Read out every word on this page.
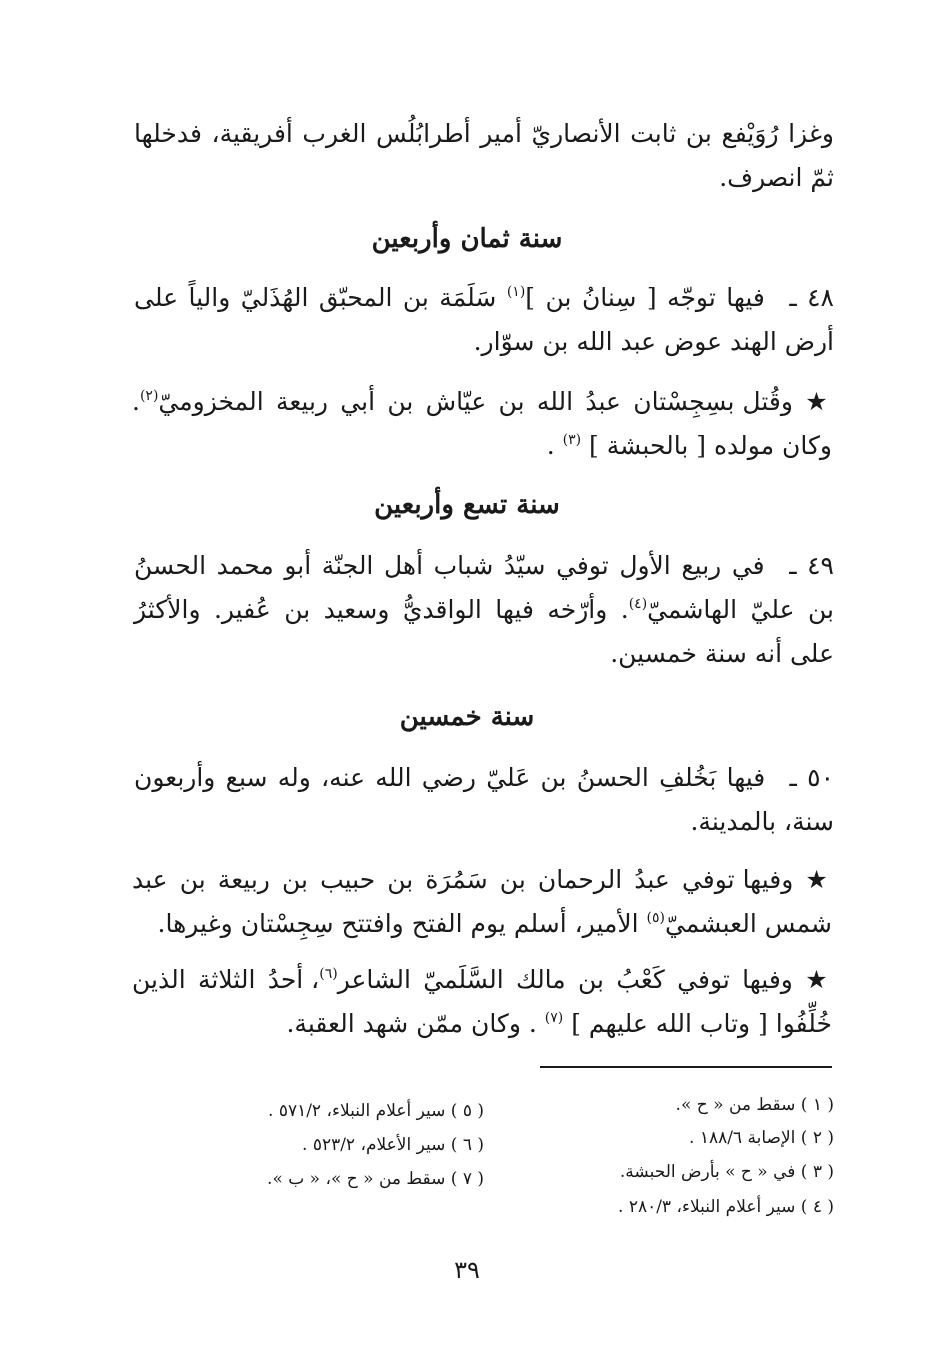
وغزا رُوَيْفع بن ثابت الأنصاريّ أمير أطرابُلُس الغرب أفريقية، فدخلها ثمّ انصرف.
سنة ثمان وأربعين
٤٨ ـ فيها توجّه [ سِنانُ بن ]$^{(١)}$ سَلَمَة بن المحبّق الهُذَليّ والياً على أرض الهند عوض عبد الله بن سوّار.
★ وقُتل بسِجِسْتان عبدُ الله بن عيّاش بن أبي ربيعة المخزوميّ$^{(٢)}$. وكان مولده [ بالحبشة ] $^{(٣)}$ .
سنة تسع وأربعين
٤٩ ـ في ربيع الأول توفي سيّدُ شباب أهل الجنّة أبو محمد الحسنُ بن عليّ الهاشميّ$^{(٤)}$. وأرّخه فيها الواقديُّ وسعيد بن عُفير. والأكثرُ على أنه سنة خمسين.
سنة خمسين
٥٠ ـ فيها بَخُلفِ الحسنُ بن عَليّ رضي الله عنه، وله سبع وأربعون سنة، بالمدينة.
★ وفيها توفي عبدُ الرحمان بن سَمُرَة بن حبيب بن ربيعة بن عبد شمس العبشميّ$^{(٥)}$ الأمير، أسلم يوم الفتح وافتتح سِجِسْتان وغيرها.
★ وفيها توفي كَعْبُ بن مالك السَّلَميّ الشاعر$^{(٦)}$، أحدُ الثلاثة الذين خُلِّفُوا [ وتاب الله عليهم ] $^{(٧)}$ . وكان ممّن شهد العقبة.
( ١ ) سقط من « ح ».
( ٢ ) الإصابة ١٨٨/٦ .
( ٣ ) في « ح » بأرض الحبشة.
( ٤ ) سير أعلام النبلاء، ٢٨٠/٣ .
( ٥ ) سير أعلام النبلاء، ٥٧١/٢ .
( ٦ ) سير الأعلام، ٥٢٣/٢ .
( ٧ ) سقط من « ح »، « ب ».
٣٩
